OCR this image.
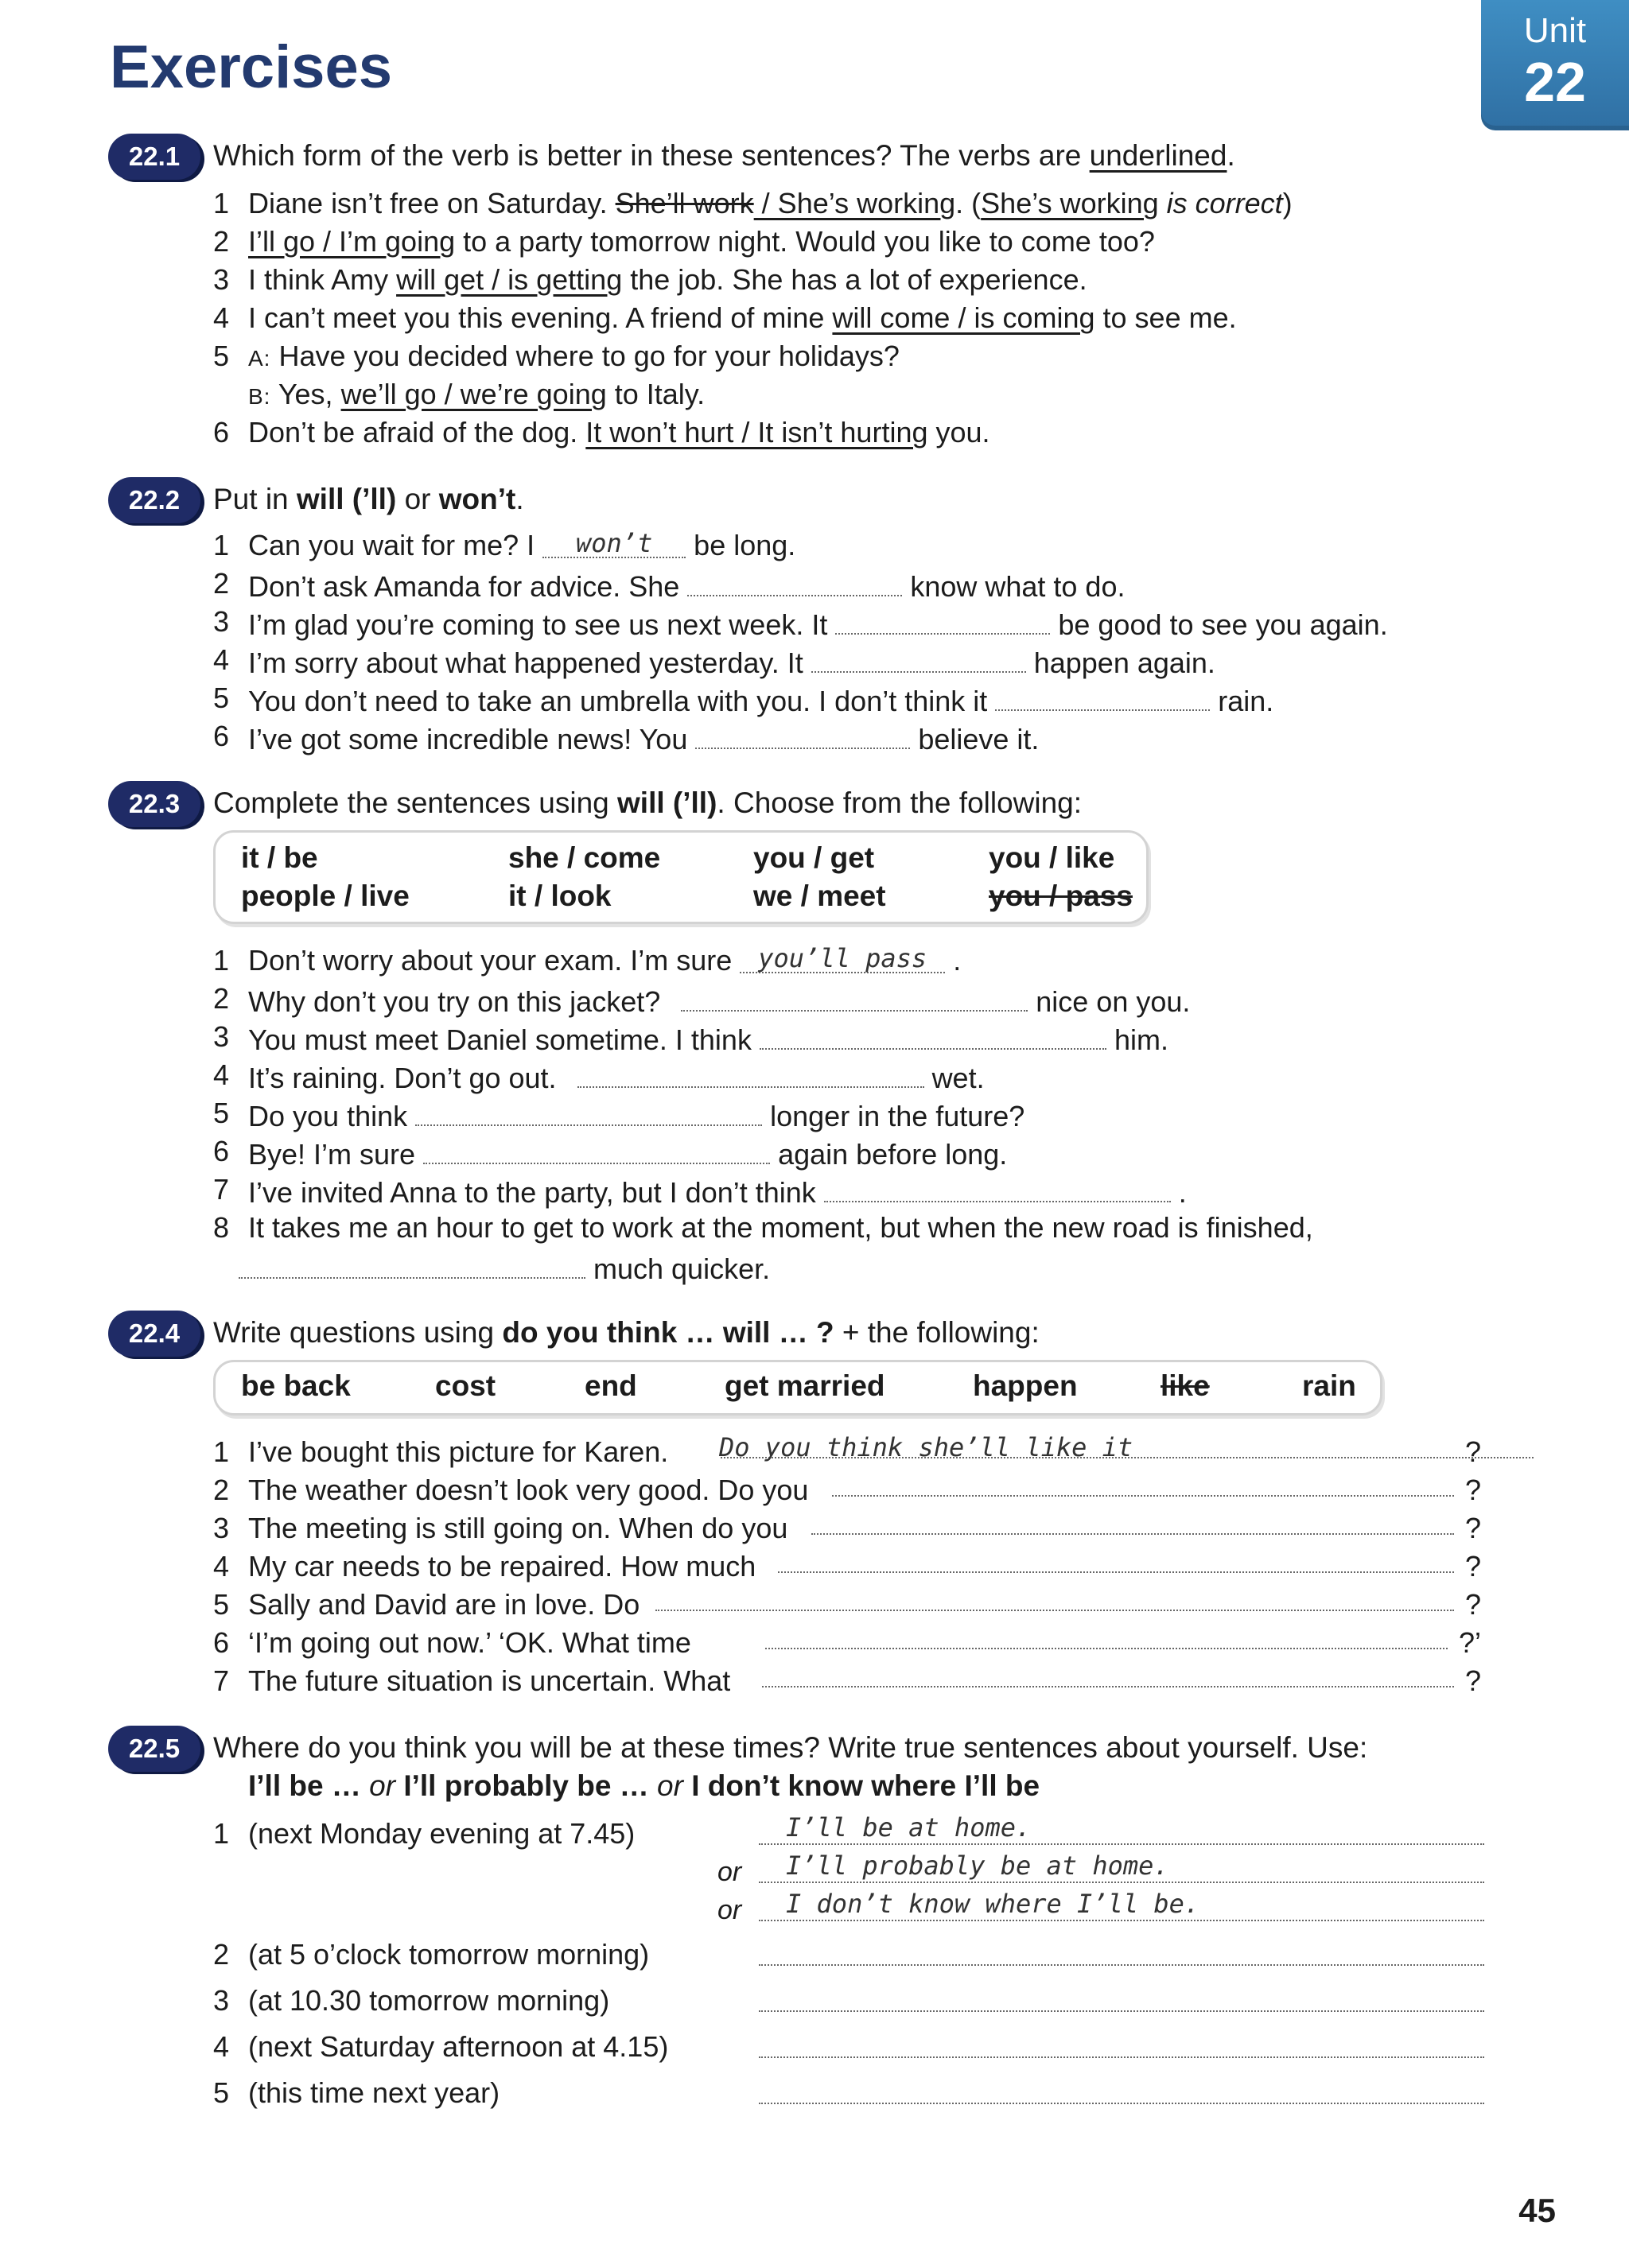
Unit
22
Exercises
22.1	Which form of the verb is better in these sentences? The verbs are underlined.
1 Diane isn’t free on Saturday. She’ll work / She’s working. (She’s working is correct)
2 I’ll go / I’m going to a party tomorrow night. Would you like to come too?
3 I think Amy will get / is getting the job. She has a lot of experience.
4 I can’t meet you this evening. A friend of mine will come / is coming to see me.
5 A: Have you decided where to go for your holidays?
B: Yes, we’ll go / we’re going to Italy.
6 Don’t be afraid of the dog. It won’t hurt / It isn’t hurting you.
22.2	Put in will (’ll) or won’t.
1 Can you wait for me? I won’t be long.
2 Don’t ask Amanda for advice. She	know what to do.
3 I’m glad you’re coming to see us next week. It	be good to see you again.
4 I’m sorry about what happened yesterday. It	happen again.
5 You don’t need to take an umbrella with you. I don’t think it	rain.
6 I’ve got some incredible news! You	believe it.
22.3	Complete the sentences using will (’ll). Choose from the following:
it / be	she / come	you / get	you / like
people / live	it / look	we / meet	you / pass
1 Don’t worry about your exam. I’m sure you’ll pass .
2 Why don’t you try on this jacket?	nice on you.
3 You must meet Daniel sometime. I think	him.
4 It’s raining. Don’t go out.	wet.
5 Do you think	longer in the future?
6 Bye! I’m sure	again before long.
7 I’ve invited Anna to the party, but I don’t think	.
8 It takes me an hour to get to work at the moment, but when the new road is finished,
much quicker.
22.4	Write questions using do you think … will … ? + the following:
be back	cost	end	get married	happen	like	rain
1 I’ve bought this picture for Karen. Do you think she’ll like it	?
2 The weather doesn’t look very good. Do you	?
3 The meeting is still going on. When do you	?
4 My car needs to be repaired. How much	?
5 Sally and David are in love. Do	?
6 ‘I’m going out now.’ ‘OK. What time	?’
7 The future situation is uncertain. What	?
22.5	Where do you think you will be at these times? Write true sentences about yourself. Use:
I’ll be … or I’ll probably be … or I don’t know where I’ll be
1 (next Monday evening at 7.45)	I’ll be at home.
or I’ll probably be at home.
or I don’t know where I’ll be.
2 (at 5 o’clock tomorrow morning)
3 (at 10.30 tomorrow morning)
4 (next Saturday afternoon at 4.15)
5 (this time next year)
45
